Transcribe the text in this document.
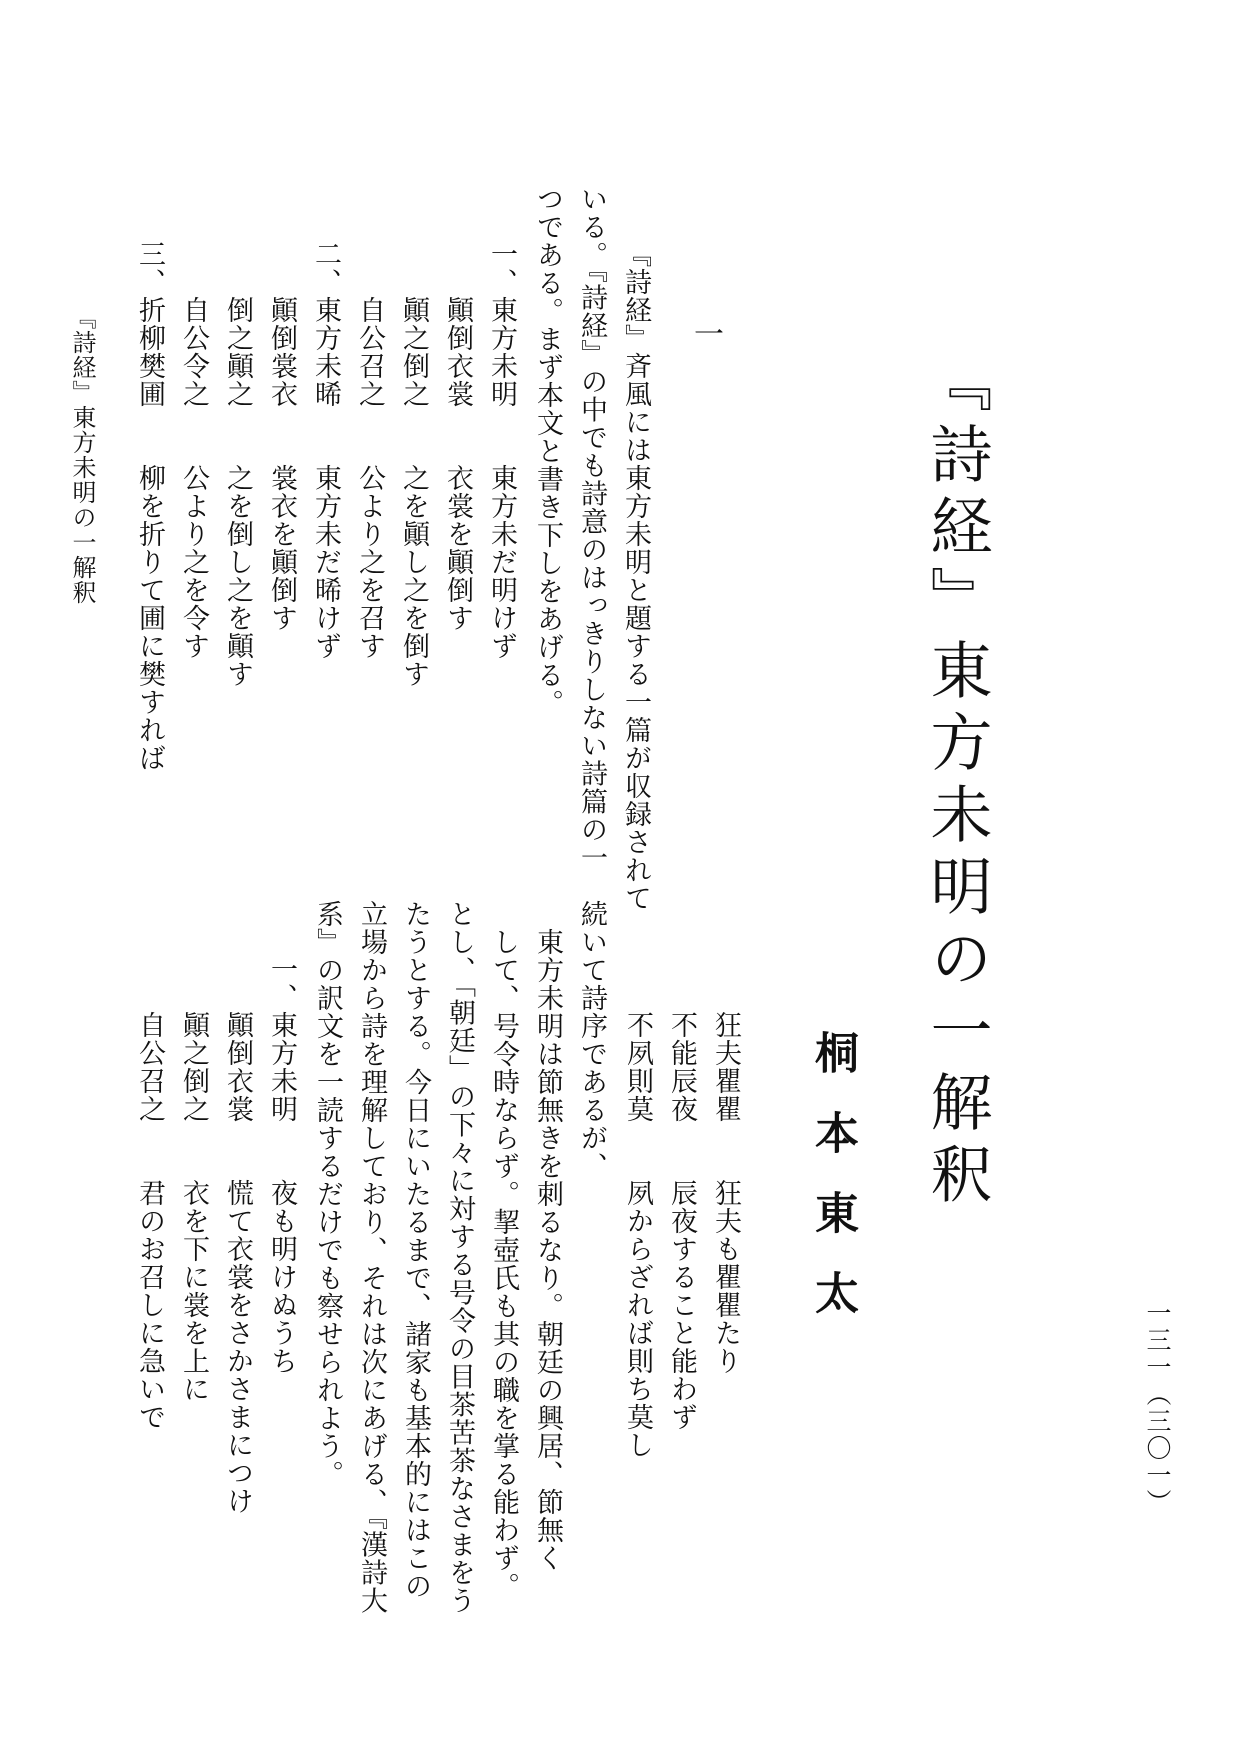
『詩経』東方未明の一解釈
桐本東太
一
『詩経』斉風には東方未明と題する一篇が収録されて
いる。『詩経』の中でも詩意のはっきりしない詩篇の一
つである。まず本文と書き下しをあげる。
一、東方未明　　東方未だ明けず
　　顚倒衣裳　　衣裳を顚倒す
　　顚之倒之　　之を顚し之を倒す
　　自公召之　　公より之を召す
二、東方未晞　　東方未だ晞けず
　　顚倒裳衣　　裳衣を顚倒す
　　倒之顚之　　之を倒し之を顚す
　　自公令之　　公より之を令す
三、折柳樊圃　　柳を折りて圃に樊すれば
『詩経』東方未明の一解釈
　　狂夫瞿瞿　　狂夫も瞿瞿たり
　　不能辰夜　　辰夜すること能わず
　　不夙則莫　　夙からざれば則ち莫し
続いて詩序であるが、
　東方未明は節無きを刺るなり。朝廷の興居、節無く
　して、号令時ならず。挈壺氏も其の職を掌る能わず。
とし、「朝廷」の下々に対する号令の目茶苦茶なさまをう
たうとする。今日にいたるまで、諸家も基本的にはこの
立場から詩を理解しており、それは次にあげる、『漢詩大
系』の訳文を一読するだけでも察せられよう。
一、東方未明　　夜も明けぬうち
　　顚倒衣裳　　慌て衣裳をさかさまにつけ
　　顚之倒之　　衣を下に裳を上に
　　自公召之　　君のお召しに急いで	一三一（三〇一）
